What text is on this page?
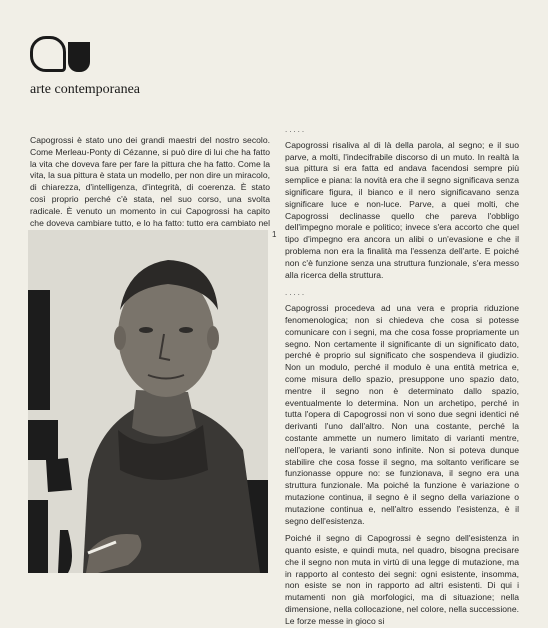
arte contemporanea

Capogrossi è stato uno dei grandi maestri del nostro secolo. Come Merleau-Ponty di Cézanne, si può dire di lui che ha fatto la vita che doveva fare per fare la pittura che ha fatto. Come la vita, la sua pittura è stata un modello, per non dire un miracolo, di chiarezza, d'intelligenza, d'integrità, di coerenza. È stato così proprio perché c'è stata, nel suo corso, una svolta radicale. È venuto un momento in cui Capogrossi ha capito che doveva cambiare tutto, e lo ha fatto: tutto era cambiato nel

1
.....

Capogrossi risaliva al di là della parola, al segno; e il suo parve, a molti, l'indecifrabile discorso di un muto. In realtà la sua pittura si era fatta ed andava facendosi sempre più semplice e piana: la novità era che il segno significava senza significare figura, il bianco e il nero significavano senza significare luce e non-luce. Parve, a quei molti, che Capogrossi declinasse quello che pareva l'obbligo dell'impegno morale e politico; invece s'era accorto che quel tipo d'impegno era ancora un alibi o un'evasione e che il problema non era la finalità ma l'essenza dell'arte. E poiché non c'è funzione senza una struttura funzionale, s'era messo alla ricerca della struttura.

.....

Capogrossi procedeva ad una vera e propria riduzione fenomenologica; non si chiedeva che cosa si potesse comunicare con i segni, ma che cosa fosse propriamente un segno. Non certamente il significante di un significato dato, perché è proprio sul significato che sospendeva il giudizio. Non un modulo, perché il modulo è una entità metrica e, come misura dello spazio, presuppone uno spazio dato, mentre il segno non è determinato dallo spazio, eventualmente lo determina. Non un archetipo, perché in tutta l'opera di Capogrossi non vi sono due segni identici né derivanti l'uno dall'altro. Non una costante, perché la costante ammette un numero limitato di varianti mentre, nell'opera, le varianti sono infinite. Non si poteva dunque stabilire che cosa fosse il segno, ma soltanto verificare se funzionasse oppure no: se funzionava, il segno era una struttura funzionale. Ma poiché la funzione è variazione o mutazione continua, il segno è il segno della variazione o mutazione continua e, nell'altro essendo l'esistenza, è il segno dell'esistenza.

Poiché il segno di Capogrossi è segno dell'esistenza in quanto esiste, e quindi muta, nel quadro, bisogna precisare che il segno non muta in virtù di una legge di mutazione, ma in rapporto al contesto dei segni: ogni esistente, insomma, non esiste se non in rapporto ad altri esistenti. Di qui i mutamenti non già morfologici, ma di situazione; nella dimensione, nella collocazione, nel colore, nella successione. Le forze messe in gioco si
